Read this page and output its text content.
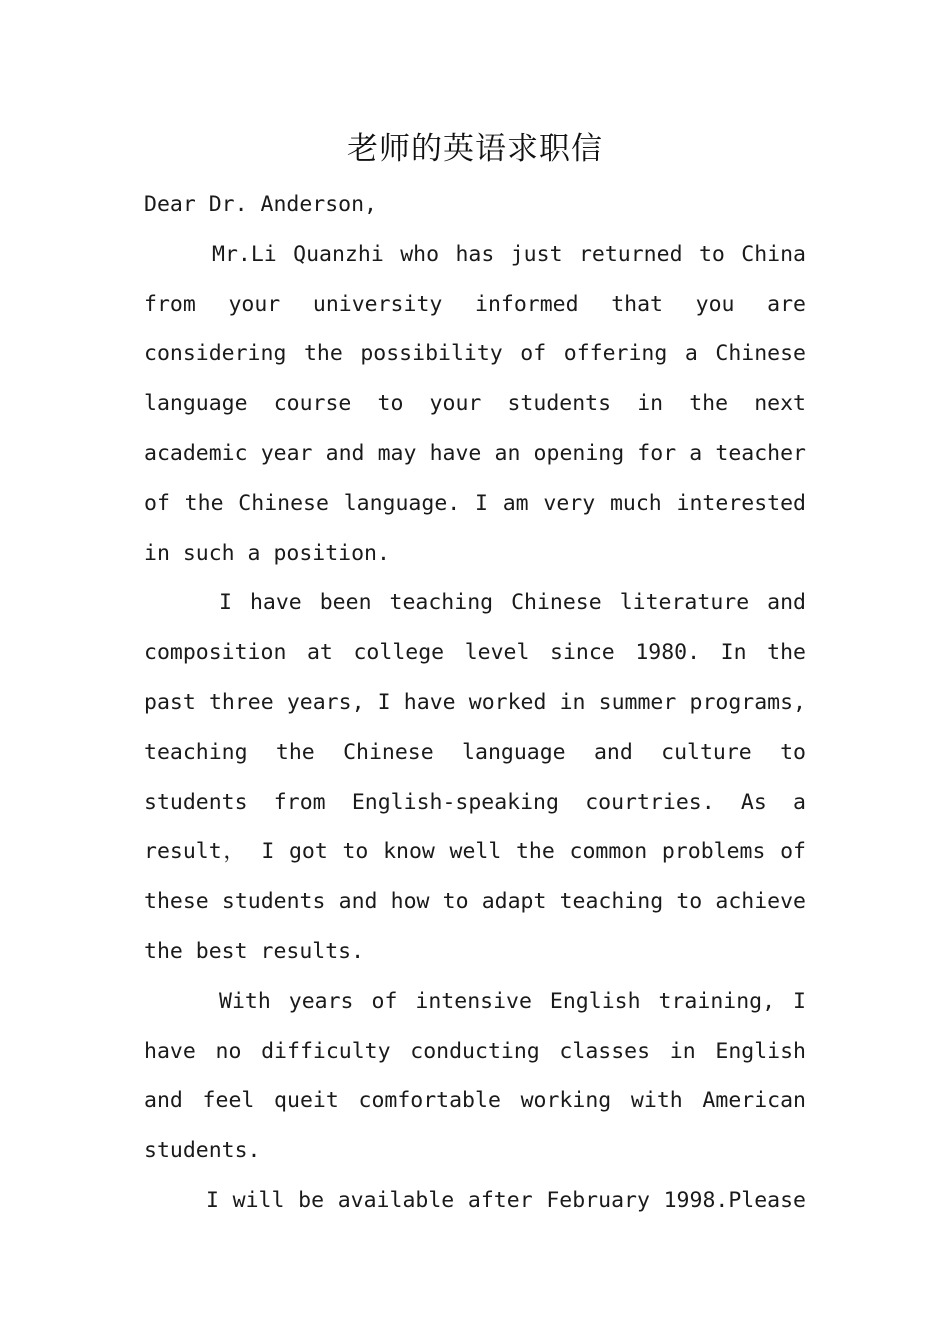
老师的英语求职信

Dear Dr. Anderson,

Mr.Li Quanzhi who has just returned to China from your university informed that you are considering the possibility of offering a Chinese language course to your students in the next academic year and may have an opening for a teacher of the Chinese language. I am very much interested in such a position.

I have been teaching Chinese literature and composition at college level since 1980. In the past three years, I have worked in summer programs, teaching the Chinese language and culture to students from English-speaking courtries. As a result， I got to know well the common problems of these students and how to adapt teaching to achieve the best results.

With years of intensive English training, I have no difficulty conducting classes in English and feel queit comfortable working with American students.

I will be available after February 1998.Please
